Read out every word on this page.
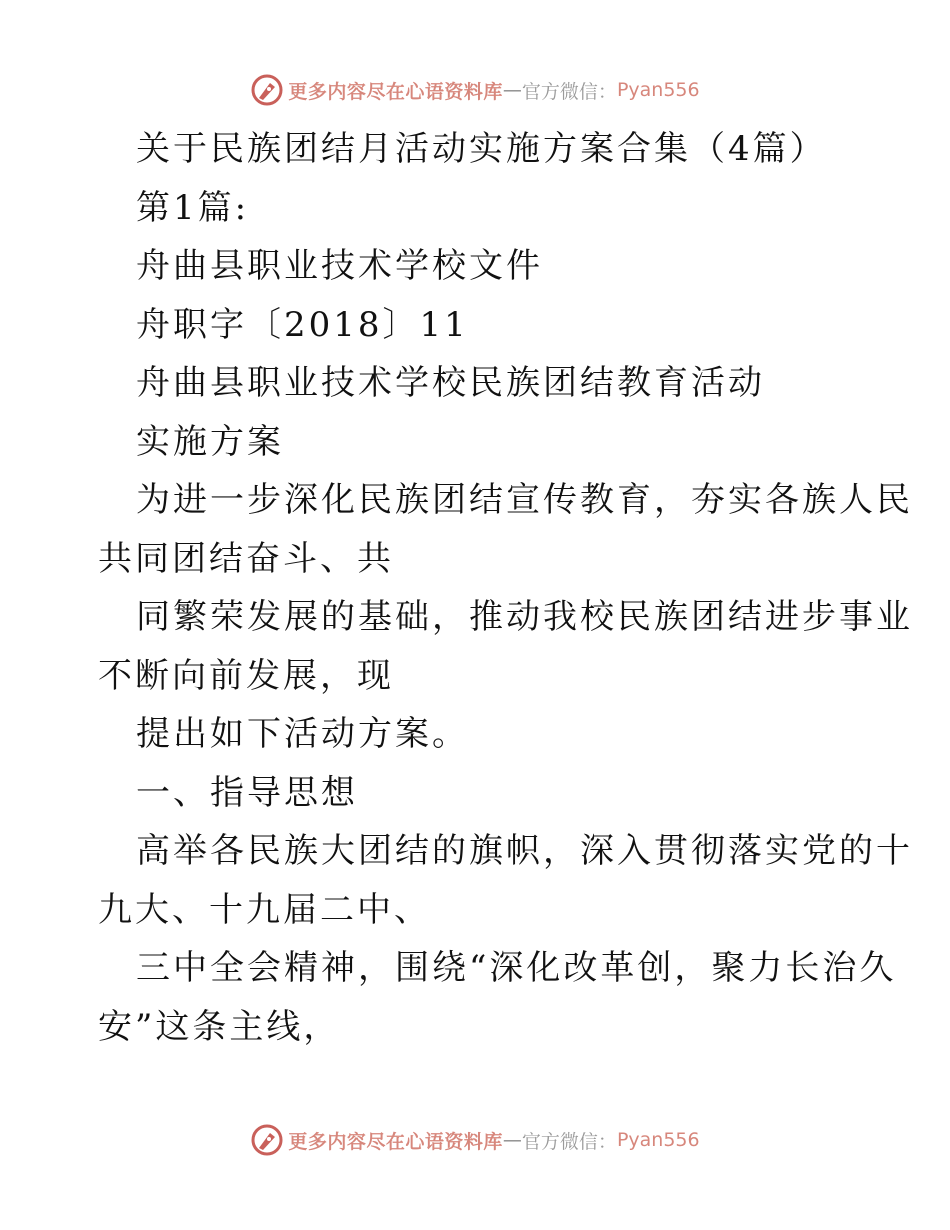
更多内容尽在心语资料库 — 官方微信： Pyan556
关于民族团结月活动实施方案合集（4篇）
第1篇:
舟曲县职业技术学校文件
舟职字〔2018〕11
舟曲县职业技术学校民族团结教育活动
实施方案
为进一步深化民族团结宣传教育，夯实各族人民
共同团结奋斗、共
同繁荣发展的基础，推动我校民族团结进步事业
不断向前发展，现
提出如下活动方案。
一、指导思想
高举各民族大团结的旗帜，深入贯彻落实党的十
九大、十九届二中、
三中全会精神，围绕“深化改革创，聚力长治久
安”这条主线，
更多内容尽在心语资料库 — 官方微信： Pyan556
